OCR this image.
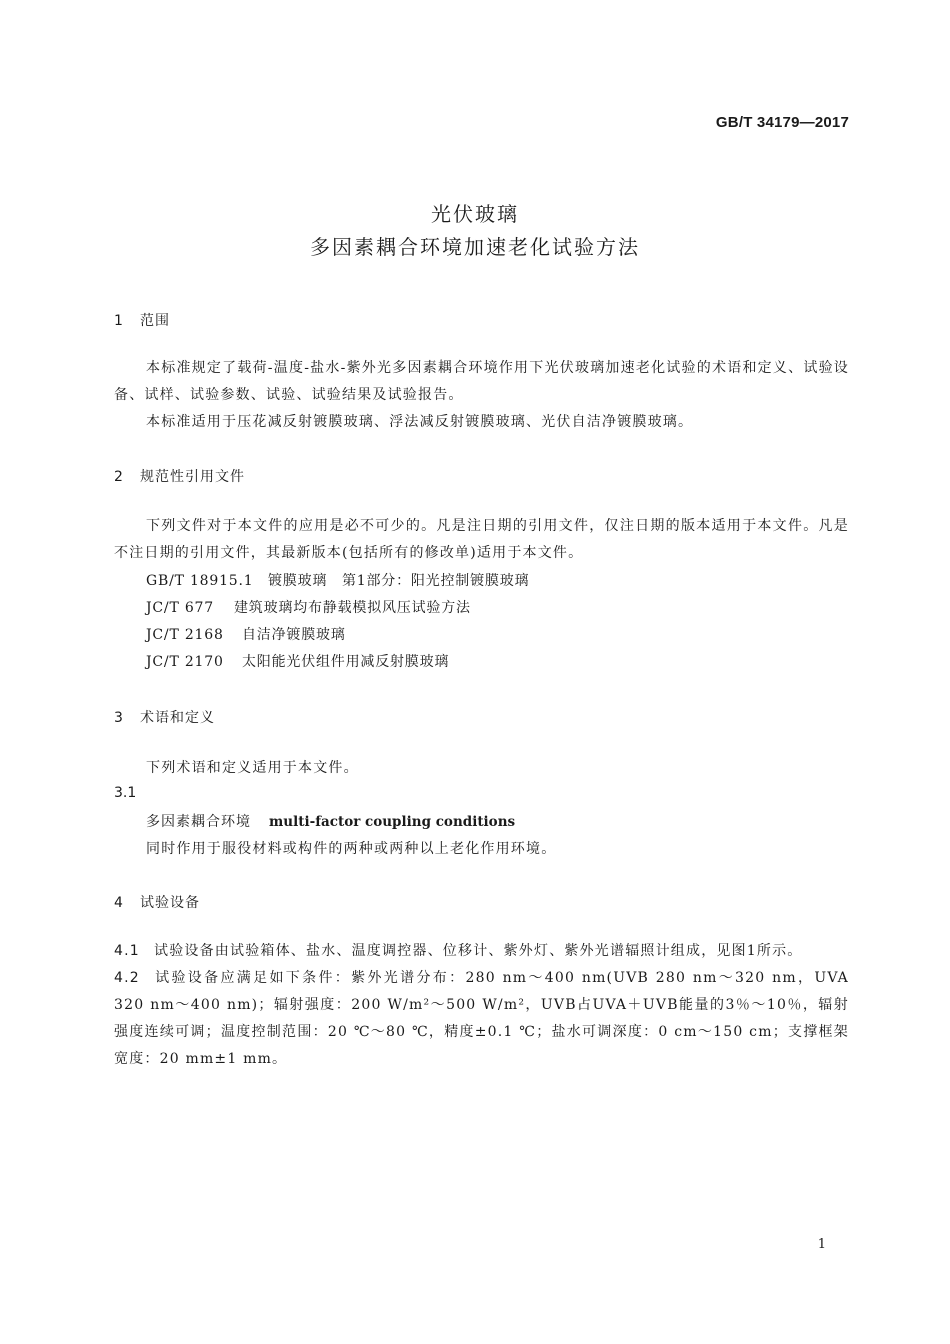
GB/T 34179—2017
光伏玻璃
多因素耦合环境加速老化试验方法
1 范围
本标准规定了载荷-温度-盐水-紫外光多因素耦合环境作用下光伏玻璃加速老化试验的术语和定义、试验设备、试样、试验参数、试验、试验结果及试验报告。
本标准适用于压花减反射镀膜玻璃、浮法减反射镀膜玻璃、光伏自洁净镀膜玻璃。
2 规范性引用文件
下列文件对于本文件的应用是必不可少的。凡是注日期的引用文件，仅注日期的版本适用于本文件。凡是不注日期的引用文件，其最新版本(包括所有的修改单)适用于本文件。
GB/T 18915.1 镀膜玻璃　第1部分：阳光控制镀膜玻璃
JC/T 677 建筑玻璃均布静载模拟风压试验方法
JC/T 2168 自洁净镀膜玻璃
JC/T 2170 太阳能光伏组件用减反射膜玻璃
3 术语和定义
下列术语和定义适用于本文件。
3.1
多因素耦合环境 multi-factor coupling conditions
同时作用于服役材料或构件的两种或两种以上老化作用环境。
4 试验设备
4.1 试验设备由试验箱体、盐水、温度调控器、位移计、紫外灯、紫外光谱辐照计组成，见图1所示。
4.2 试验设备应满足如下条件：紫外光谱分布：280 nm～400 nm(UVB 280 nm～320 nm，UVA 320 nm～400 nm)；辐射强度：200 W/m²～500 W/m²，UVB占UVA＋UVB能量的3％～10％，辐射强度连续可调；温度控制范围：20 ℃～80 ℃，精度±0.1 ℃；盐水可调深度：0 cm～150 cm；支撑框架宽度：20 mm±1 mm。
1
